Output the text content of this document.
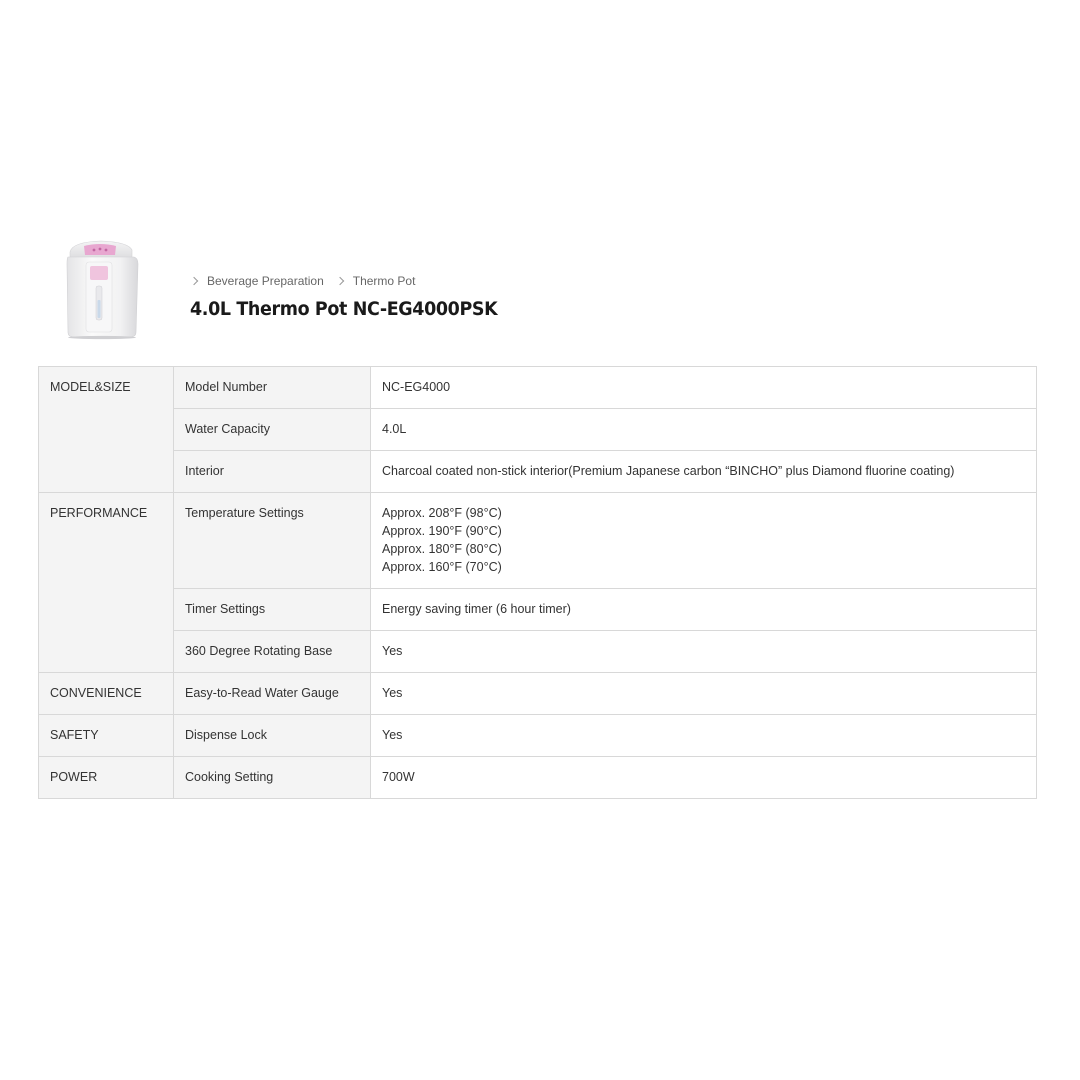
Beverage Preparation Thermo Pot
4.0L Thermo Pot NC-EG4000PSK
MODEL&SIZE	Model Number	NC-EG4000
	Water Capacity	4.0L
	Interior	Charcoal coated non-stick interior(Premium Japanese carbon “BINCHO” plus Diamond fluorine coating)
PERFORMANCE	Temperature Settings	Approx. 208°F (98°C)
Approx. 190°F (90°C)
Approx. 180°F (80°C)
Approx. 160°F (70°C)

	Timer Settings	Energy saving timer (6 hour timer)
	360 Degree Rotating Base	Yes
CONVENIENCE	Easy-to-Read Water Gauge	Yes
SAFETY	Dispense Lock	Yes
POWER	Cooking Setting	700W
